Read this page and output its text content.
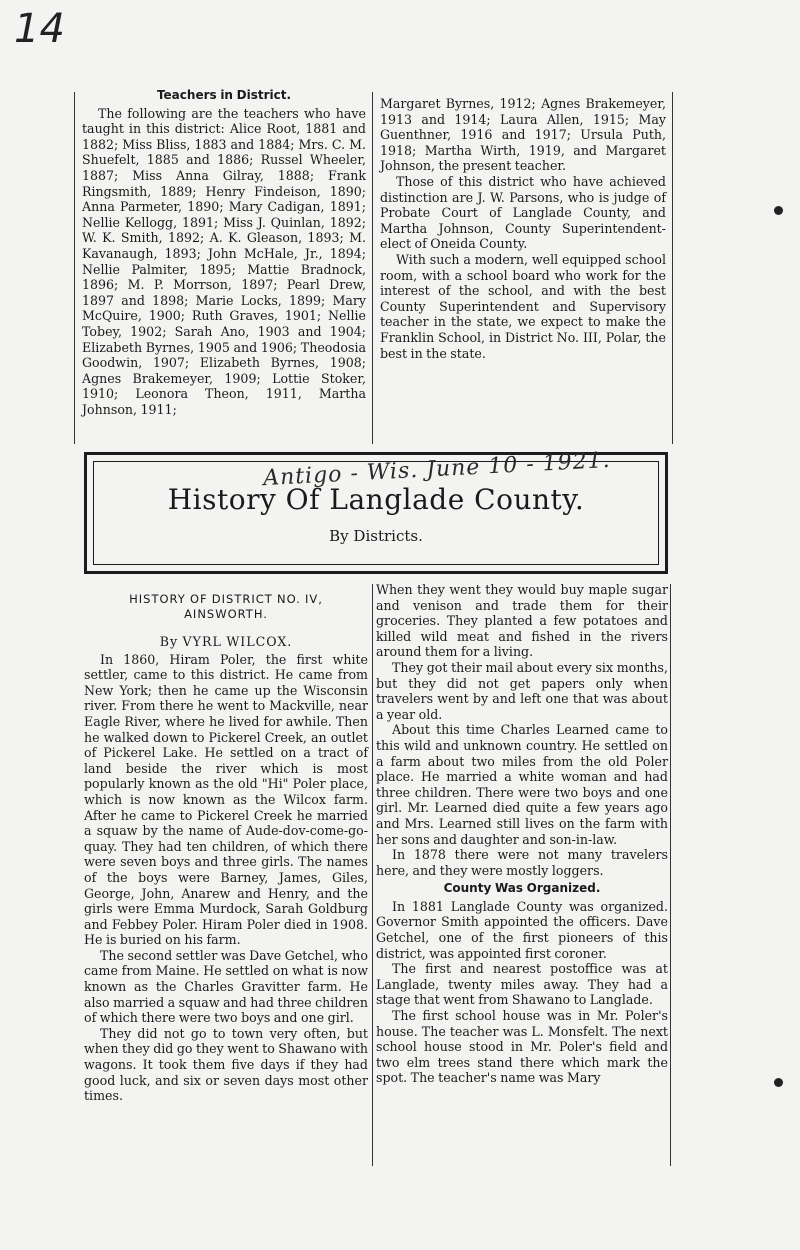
14
Teachers in District.

The following are the teachers who have taught in this district: Alice Root, 1881 and 1882; Miss Bliss, 1883 and 1884; Mrs. C. M. Shuefelt, 1885 and 1886; Russel Wheeler, 1887; Miss Anna Gilray, 1888; Frank Ringsmith, 1889; Henry Findeison, 1890; Anna Parmeter, 1890; Mary Cadigan, 1891; Nellie Kellogg, 1891; Miss J. Quinlan, 1892; W. K. Smith, 1892; A. K. Gleason, 1893; M. Kavanaugh, 1893; John McHale, Jr., 1894; Nellie Palmiter, 1895; Mattie Bradnock, 1896; M. P. Morrson, 1897; Pearl Drew, 1897 and 1898; Marie Locks, 1899; Mary McQuire, 1900; Ruth Graves, 1901; Nellie Tobey, 1902; Sarah Ano, 1903 and 1904; Elizabeth Byrnes, 1905 and 1906; Theodosia Goodwin, 1907; Elizabeth Byrnes, 1908; Agnes Brakemeyer, 1909; Lottie Stoker, 1910; Leonora Theon, 1911, Martha Johnson, 1911;

Margaret Byrnes, 1912; Agnes Brakemeyer, 1913 and 1914; Laura Allen, 1915; May Guenthner, 1916 and 1917; Ursula Puth, 1918; Martha Wirth, 1919, and Margaret Johnson, the present teacher.

Those of this district who have achieved distinction are J. W. Parsons, who is judge of Probate Court of Langlade County, and Martha Johnson, County Superintendent-elect of Oneida County.

With such a modern, well equipped school room, with a school board who work for the interest of the school, and with the best County Superintendent and Supervisory teacher in the state, we expect to make the Franklin School, in District No. III, Polar, the best in the state.

Antigo - Wis. June 10 - 1921.
History Of Langlade County.
By Districts.
HISTORY OF DISTRICT NO. IV,
AINSWORTH.
By VYRL WILCOX.

In 1860, Hiram Poler, the first white settler, came to this district. He came from New York; then he came up the Wisconsin river. From there he went to Mackville, near Eagle River, where he lived for awhile. Then he walked down to Pickerel Creek, an outlet of Pickerel Lake. He settled on a tract of land beside the river which is most popularly known as the old "Hi" Poler place, which is now known as the Wilcox farm. After he came to Pickerel Creek he married a squaw by the name of Aude-dov-come-go-quay. They had ten children, of which there were seven boys and three girls. The names of the boys were Barney, James, Giles, George, John, Anarew and Henry, and the girls were Emma Murdock, Sarah Goldburg and Febbey Poler. Hiram Poler died in 1908. He is buried on his farm.

The second settler was Dave Getchel, who came from Maine. He settled on what is now known as the Charles Gravitter farm. He also married a squaw and had three children of which there were two boys and one girl.

They did not go to town very often, but when they did go they went to Shawano with wagons. It took them five days if they had good luck, and six or seven days most other times.

When they went they would buy maple sugar and venison and trade them for their groceries. They planted a few potatoes and killed wild meat and fished in the rivers around them for a living.

They got their mail about every six months, but they did not get papers only when travelers went by and left one that was about a year old.

About this time Charles Learned came to this wild and unknown country. He settled on a farm about two miles from the old Poler place. He married a white woman and had three children. There were two boys and one girl. Mr. Learned died quite a few years ago and Mrs. Learned still lives on the farm with her sons and daughter and son-in-law.

In 1878 there were not many travelers here, and they were mostly loggers.

County Was Organized.

In 1881 Langlade County was organized. Governor Smith appointed the officers. Dave Getchel, one of the first pioneers of this district, was appointed first coroner.

The first and nearest postoffice was at Langlade, twenty miles away. They had a stage that went from Shawano to Langlade.

The first school house was in Mr. Poler's house. The teacher was L. Monsfelt. The next school house stood in Mr. Poler's field and two elm trees stand there which mark the spot. The teacher's name was Mary
